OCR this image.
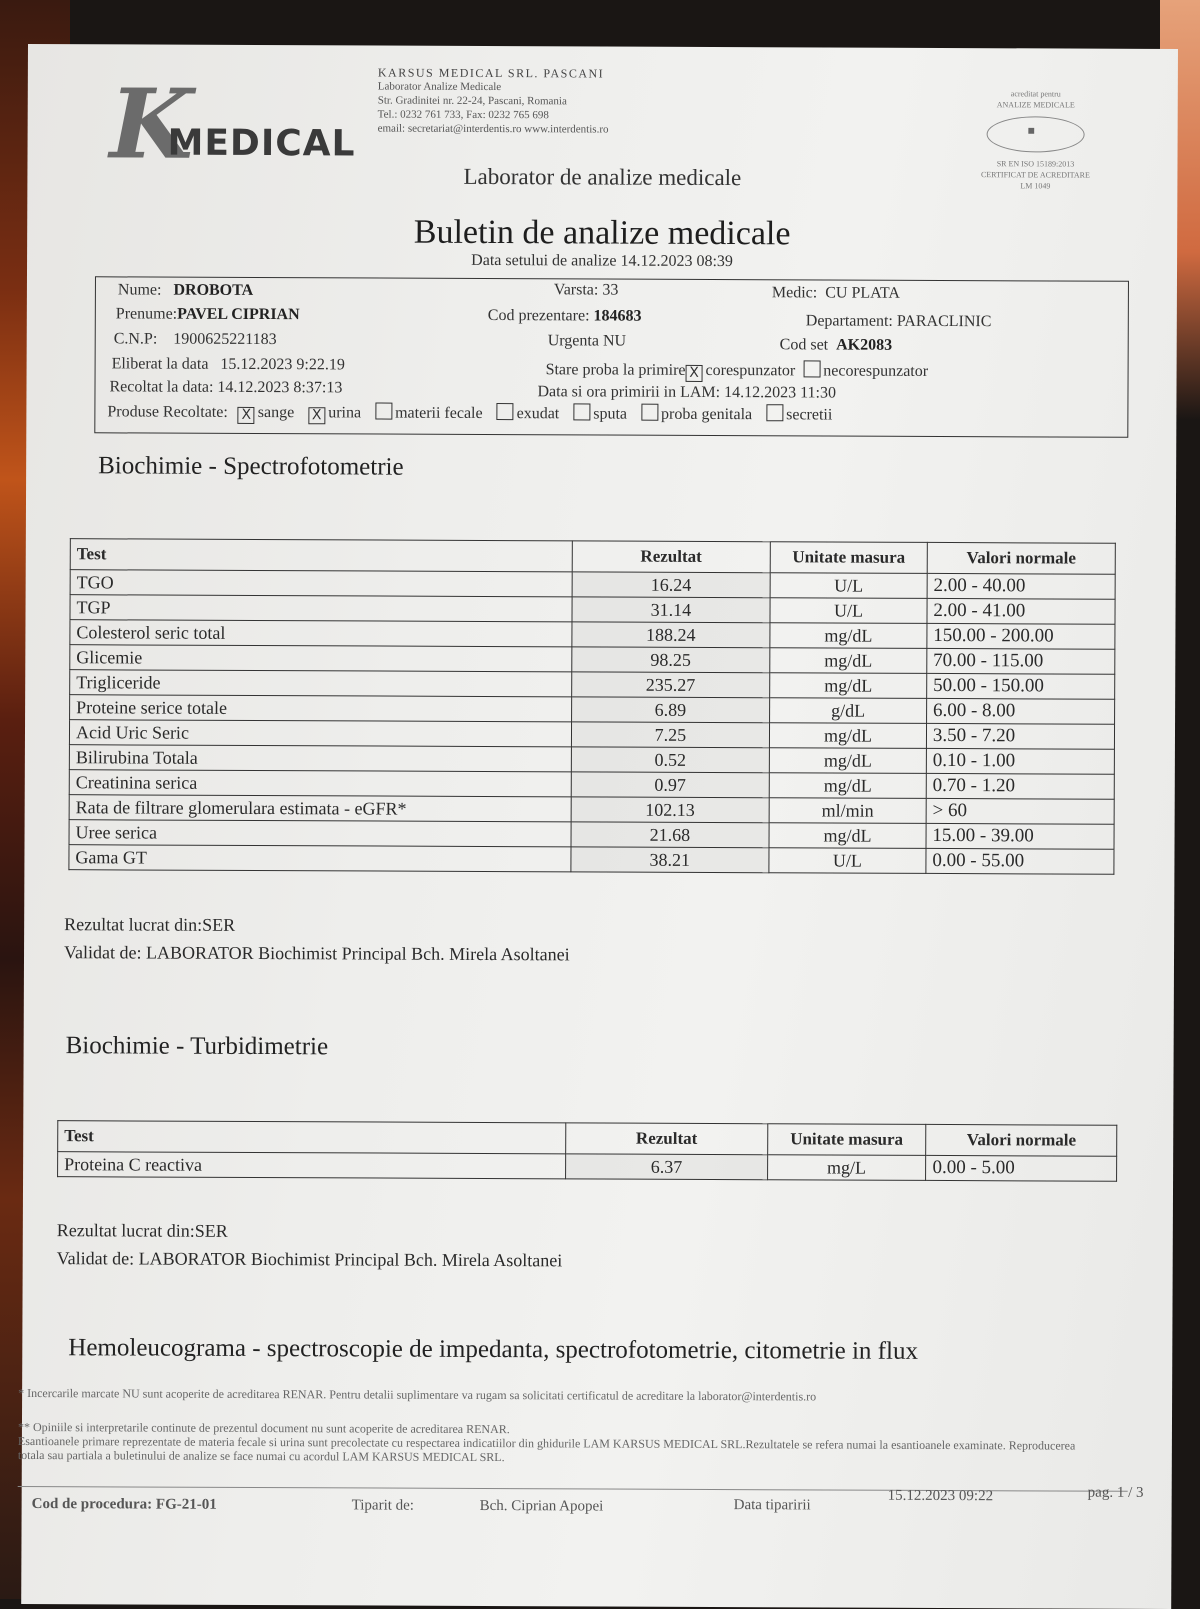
K
MEDICAL
KARSUS MEDICAL SRL. PASCANI
Laborator Analize Medicale
Str. Gradinitei nr. 22-24, Pascani, Romania
Tel.: 0232 761 733, Fax: 0232 765 698
email: secretariat@interdentis.ro www.interdentis.ro
acreditat pentru
ANALIZE MEDICALE
■
SR EN ISO 15189:2013
CERTIFICAT DE ACREDITARE
LM 1049
Laborator de analize medicale
Buletin de analize medicale
Data setului de analize 14.12.2023 08:39
Nume: DROBOTA
Prenume:PAVEL CIPRIAN
C.N.P: 1900625221183
Eliberat la data 15.12.2023 9:22.19
Recoltat la data: 14.12.2023 8:37:13
Varsta: 33
Cod prezentare: 184683
Urgenta NU
Medic: CU PLATA
Departament: PARACLINIC
Cod set AK2083
Stare proba la primire X corespunzator necorespunzator
Data si ora primirii in LAM: 14.12.2023 11:30
Produse Recoltate: X sange X urina materii fecale exudat sputa proba genitala secretii
Biochimie - Spectrofotometrie
Test	Rezultat	Unitate masura	Valori normale
TGO	16.24	U/L	2.00 - 40.00
TGP	31.14	U/L	2.00 - 41.00
Colesterol seric total	188.24	mg/dL	150.00 - 200.00
Glicemie	98.25	mg/dL	70.00 - 115.00
Trigliceride	235.27	mg/dL	50.00 - 150.00
Proteine serice totale	6.89	g/dL	6.00 - 8.00
Acid Uric Seric	7.25	mg/dL	3.50 - 7.20
Bilirubina Totala	0.52	mg/dL	0.10 - 1.00
Creatinina serica	0.97	mg/dL	0.70 - 1.20
Rata de filtrare glomerulara estimata - eGFR*	102.13	ml/min	> 60
Uree serica	21.68	mg/dL	15.00 - 39.00
Gama GT	38.21	U/L	0.00 - 55.00
Rezultat lucrat din:SER
Validat de: LABORATOR Biochimist Principal Bch. Mirela Asoltanei
Biochimie - Turbidimetrie
Test	Rezultat	Unitate masura	Valori normale
Proteina C reactiva	6.37	mg/L	0.00 - 5.00
Rezultat lucrat din:SER
Validat de: LABORATOR Biochimist Principal Bch. Mirela Asoltanei
Hemoleucograma - spectroscopie de impedanta, spectrofotometrie, citometrie in flux
* Incercarile marcate NU sunt acoperite de acreditarea RENAR. Pentru detalii suplimentare va rugam sa solicitati certificatul de acreditare la laborator@interdentis.ro
** Opiniile si interpretarile continute de prezentul document nu sunt acoperite de acreditarea RENAR.
Esantioanele primare reprezentate de materia fecale si urina sunt precolectate cu respectarea indicatiilor din ghidurile LAM KARSUS MEDICAL SRL.Rezultatele se refera numai la esantioanele examinate. Reproducerea totala sau partiala a buletinului de analize se face numai cu acordul LAM KARSUS MEDICAL SRL.
Cod de procedura: FG-21-01	Tiparit de:	Bch. Ciprian Apopei	Data tiparirii
15.12.2023 09:22	pag. 1 / 3
